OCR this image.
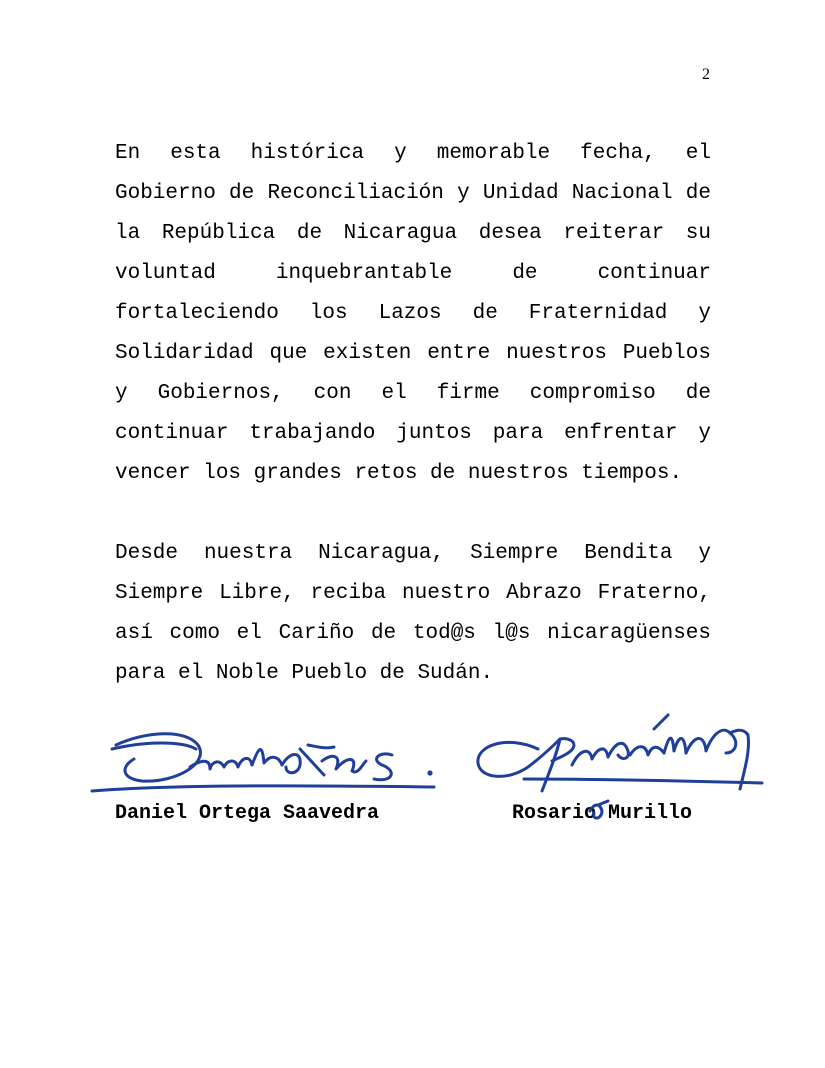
2

En esta histórica y memorable fecha, el Gobierno de Reconciliación y Unidad Nacional de la República de Nicaragua desea reiterar su voluntad inquebrantable de continuar fortaleciendo los Lazos de Fraternidad y Solidaridad que existen entre nuestros Pueblos y Gobiernos, con el firme compromiso de continuar trabajando juntos para enfrentar y vencer los grandes retos de nuestros tiempos.

Desde nuestra Nicaragua, Siempre Bendita y Siempre Libre, reciba nuestro Abrazo Fraterno, así como el Cariño de tod@s l@s nicaragüenses para el Noble Pueblo de Sudán.

Daniel Ortega Saavedra	Rosario Murillo
